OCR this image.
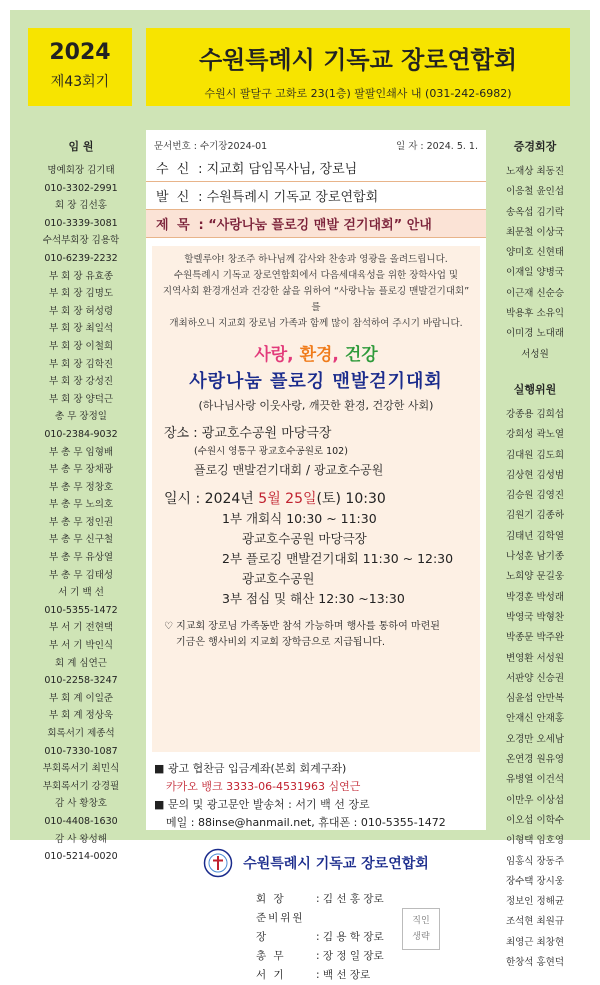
2024
제43회기
수원특례시 기독교 장로연합회
수원시 팔달구 고화로 23(1층) 팔팔인쇄사 내 (031-242-6982)
임 원
명예회장 김기태
010-3302-2991
회 장 김선홍
010-3339-3081
수석부회장 김용학
010-6239-2232
부 회 장 유효종
부 회 장 김명도
부 회 장 허성령
부 회 장 최일석
부 회 장 이철희
부 회 장 김학진
부 회 장 강성진
부 회 장 양덕근
총 무 장정일
010-2384-9032
부 총 무 임형배
부 총 무 장채광
부 총 무 정창호
부 총 무 노의호
부 총 무 정인권
부 총 무 신구철
부 총 무 유상열
부 총 무 김태성
서 기 백 선
010-5355-1472
부 서 기 전현택
부 서 기 박인식
회 계 심연근
010-2258-3247
부 회 계 이일준
부 회 계 정상욱
회록서기 제종석
010-7330-1087
부회록서기 최민식
부회록서기 강경필
감 사 황창호
010-4408-1630
감 사 왕성해
010-5214-0020
증경회장
노재상 최동진
이응철 윤인섭
송옥섭 김기락
최문철 이상국
양미호 신현태
이재일 양병국
이근재 신순승
박용후 소유익
이미경 노대래
서성원
실행위원
강종용 김희섭
강희성 곽노열
김대원 김도희
김상현 김성범
김승원 김영진
김원기 김종하
김태년 김학열
나성훈 남기종
노희양 문길웅
박경훈 박성래
박영국 박형찬
박종문 박주완
변영환 서성원
서판양 신승권
심윤섭 안만복
안재신 안재홍
오경만 오세남
온연경 원유영
유병열 이건석
이만우 이상섭
이오섭 이학수
이형택 임호영
임홍식 장동주
장수택 장시웅
정보인 정해균
조석현 최원규
최영근 최창현
한창석 홍현덕
문서번호 : 수기장2024-01	일 자 : 2024. 5. 1.
수 신 : 지교회 담임목사님, 장로님
발 신 : 수원특례시 기독교 장로연합회
제 목 : “사랑나눔 플로깅 맨발 걷기대회” 안내
할렐루야! 창조주 하나님께 감사와 찬송과 영광을 올려드립니다.
수원특례시 기독교 장로연합회에서 다음세대육성을 위한 장학사업 및
지역사회 환경개선과 건강한 삶을 위하여 “사랑나눔 플로깅 맨발걷기대회” 를
개최하오니 지교회 장로님 가족과 함께 많이 참석하여 주시기 바랍니다.
사랑, 환경, 건강
사랑나눔 플로깅 맨발걷기대회
(하나님사랑 이웃사랑, 깨끗한 환경, 건강한 사회)
장소 : 광교호수공원 마당극장
(수원시 영통구 광교호수공원로 102)
플로깅 맨발걷기대회 / 광교호수공원
일시 : 2024년 5월 25일(토) 10:30
1부 개회식 10:30 ~ 11:30
광교호수공원 마당극장
2부 플로깅 맨발걷기대회 11:30 ~ 12:30
광교호수공원
3부 점심 및 해산 12:30 ~13:30
♡ 지교회 장로님 가족동반 참석 가능하며 행사를 통하여 마련된
기금은 행사비외 지교회 장학금으로 지급됩니다.
■ 광고 협찬금 입금계좌(본회 회계구좌)
카카오 뱅크 3333-06-4531963 심연근
■ 문의 및 광고문안 발송처 : 서기 백 선 장로
메일 : 88inse@hanmail.net, 휴대폰 : 010-5355-1472
수원특례시 기독교 장로연합회
회 장	: 김 선 홍 장로
준비위원장	: 김 용 학 장로
총 무	: 장 정 일 장로
서 기	: 백 선 장로
직인
생략
